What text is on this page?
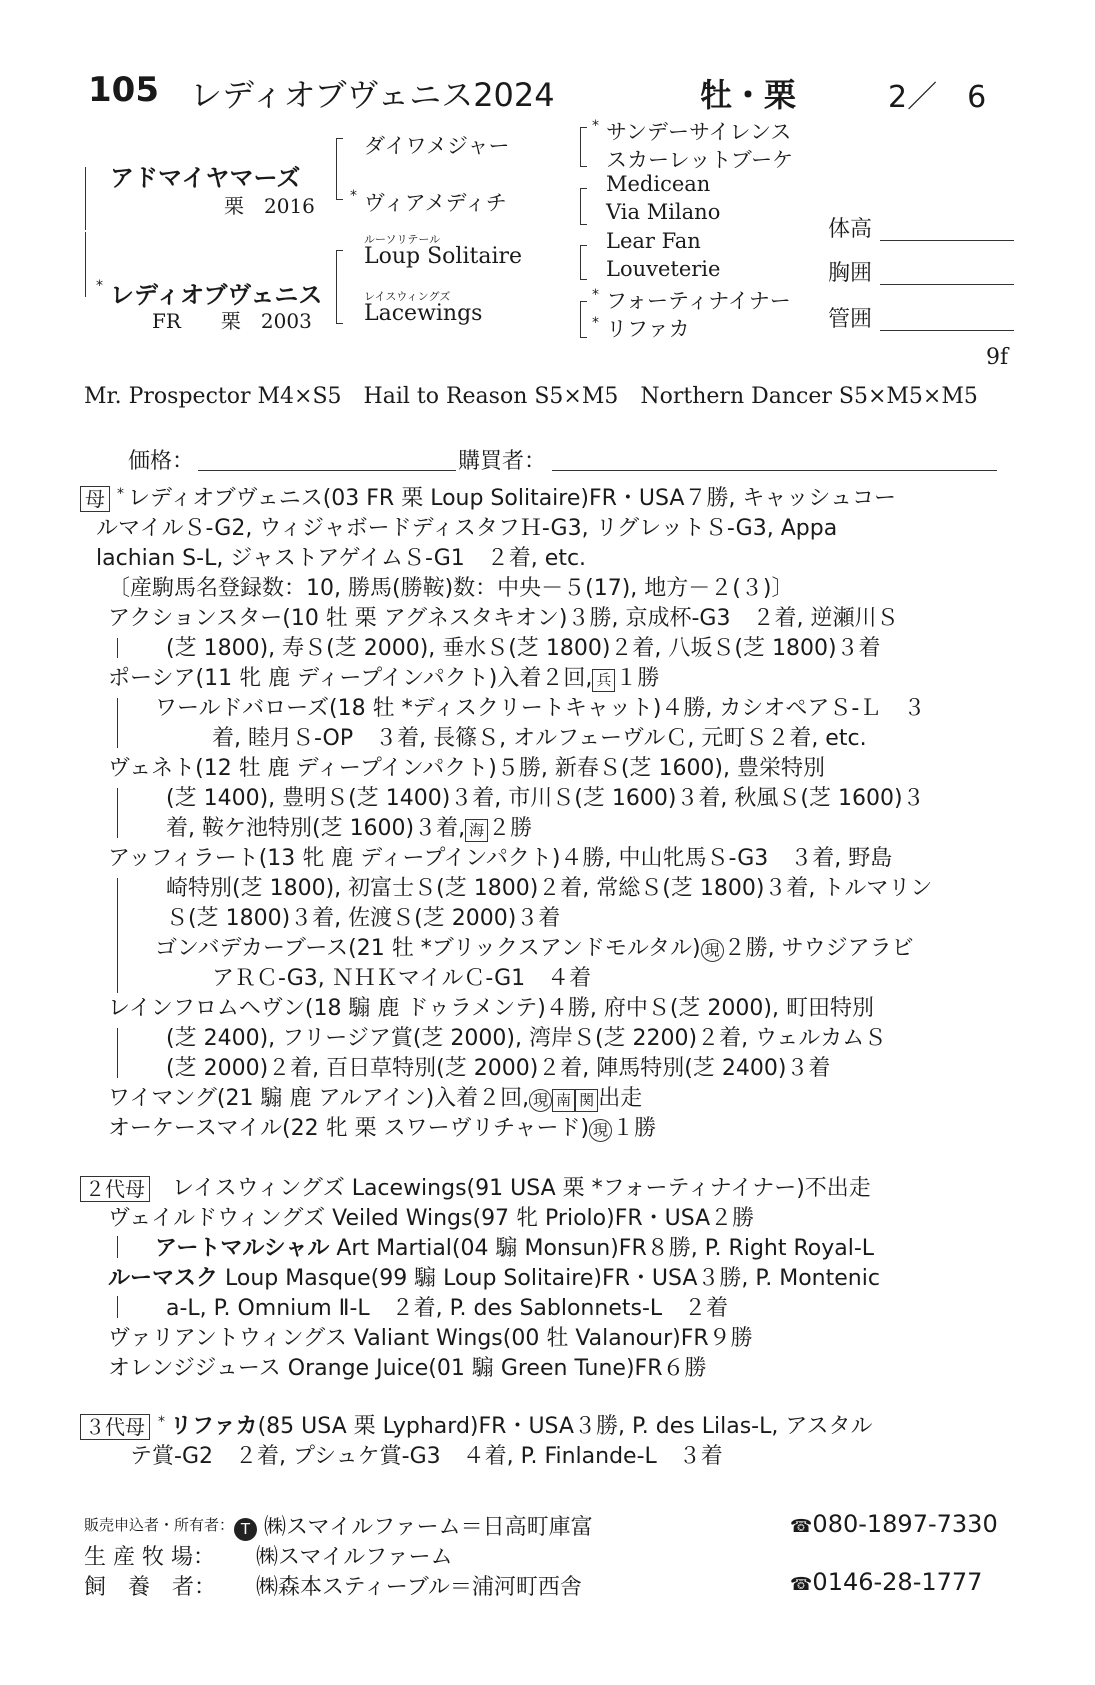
105 レディオブヴェニス2024	牡・栗	2／　6
アドマイヤマーズ
栗　2016
* レディオブヴェニス
FR　　栗　2003
ダイワメジャー
* ヴィアメディチ
ルーソリテール
Loup Solitaire
レイスウィングズ
Lacewings
* サンデーサイレンス
スカーレットブーケ
Medicean
Via Milano
Lear Fan
Louveterie
* フォーティナイナー
* リファカ
体高
胸囲
管囲
9f
Mr. Prospector M4×S5　Hail to Reason S5×M5　Northern Dancer S5×M5×M5
価格：	購買者：
母 * レディオブヴェニス(03 FR 栗 Loup Solitaire)FR・USA７勝, キャッシュコー
ルマイルＳ-G2, ウィジャボードディスタフＨ-G3, リグレットＳ-G3, Appa
lachian S-L, ジャストアゲイムＳ-G1　２着, etc.
〔産駒馬名登録数：10, 勝馬(勝鞍)数：中央－５(17), 地方－２(３)〕
アクションスター(10 牡 栗 アグネスタキオン)３勝, 京成杯-G3　２着, 逆瀬川Ｓ
(芝 1800), 寿Ｓ(芝 2000), 垂水Ｓ(芝 1800)２着, 八坂Ｓ(芝 1800)３着
ポーシア(11 牝 鹿 ディープインパクト)入着２回, 兵 １勝
ワールドバローズ(18 牡 *ディスクリートキャット)４勝, カシオペアＳ-Ｌ　３
着, 睦月Ｓ-OP　３着, 長篠Ｓ, オルフェーヴルＣ, 元町Ｓ２着, etc.
ヴェネト(12 牡 鹿 ディープインパクト)５勝, 新春Ｓ(芝 1600), 豊栄特別
(芝 1400), 豊明Ｓ(芝 1400)３着, 市川Ｓ(芝 1600)３着, 秋風Ｓ(芝 1600)３
着, 鞍ケ池特別(芝 1600)３着, 海 ２勝
アッフィラート(13 牝 鹿 ディープインパクト)４勝, 中山牝馬Ｓ-G3　３着, 野島
崎特別(芝 1800), 初富士Ｓ(芝 1800)２着, 常総Ｓ(芝 1800)３着, トルマリン
Ｓ(芝 1800)３着, 佐渡Ｓ(芝 2000)３着
ゴンバデカーブース(21 牡 *ブリックスアンドモルタル) 現 ２勝, サウジアラビ
アＲＣ-G3, ＮＨＫマイルＣ-G1　４着
レインフロムヘヴン(18 騸 鹿 ドゥラメンテ)４勝, 府中Ｓ(芝 2000), 町田特別
(芝 2400), フリージア賞(芝 2000), 湾岸Ｓ(芝 2200)２着, ウェルカムＳ
(芝 2000)２着, 百日草特別(芝 2000)２着, 陣馬特別(芝 2400)３着
ワイマング(21 騸 鹿 アルアイン)入着２回, 現 南 関 出走
オーケースマイル(22 牝 栗 スワーヴリチャード) 現 １勝
２代母 レイスウィングズ Lacewings(91 USA 栗 *フォーティナイナー)不出走
ヴェイルドウィングズ Veiled Wings(97 牝 Priolo)FR・USA２勝
アートマルシャル Art Martial(04 騸 Monsun)FR８勝, P. Right Royal-L
ルーマスク Loup Masque(99 騸 Loup Solitaire)FR・USA３勝, P. Montenic
a-L, P. Omnium Ⅱ-L　２着, P. des Sablonnets-L　２着
ヴァリアントウィングス Valiant Wings(00 牡 Valanour)FR９勝
オレンジジュース Orange Juice(01 騸 Green Tune)FR６勝
３代母 * リファカ(85 USA 栗 Lyphard)FR・USA３勝, P. des Lilas-L, アスタル
テ賞-G2　２着, プシュケ賞-G3　４着, P. Finlande-L　３着
販売申込者・所有者： T ㈱スマイルファーム＝日高町庫富	☎080-1897-7330
生 産 牧 場： ㈱スマイルファーム
飼　養　者： ㈱森本スティーブル＝浦河町西舎	☎0146-28-1777
